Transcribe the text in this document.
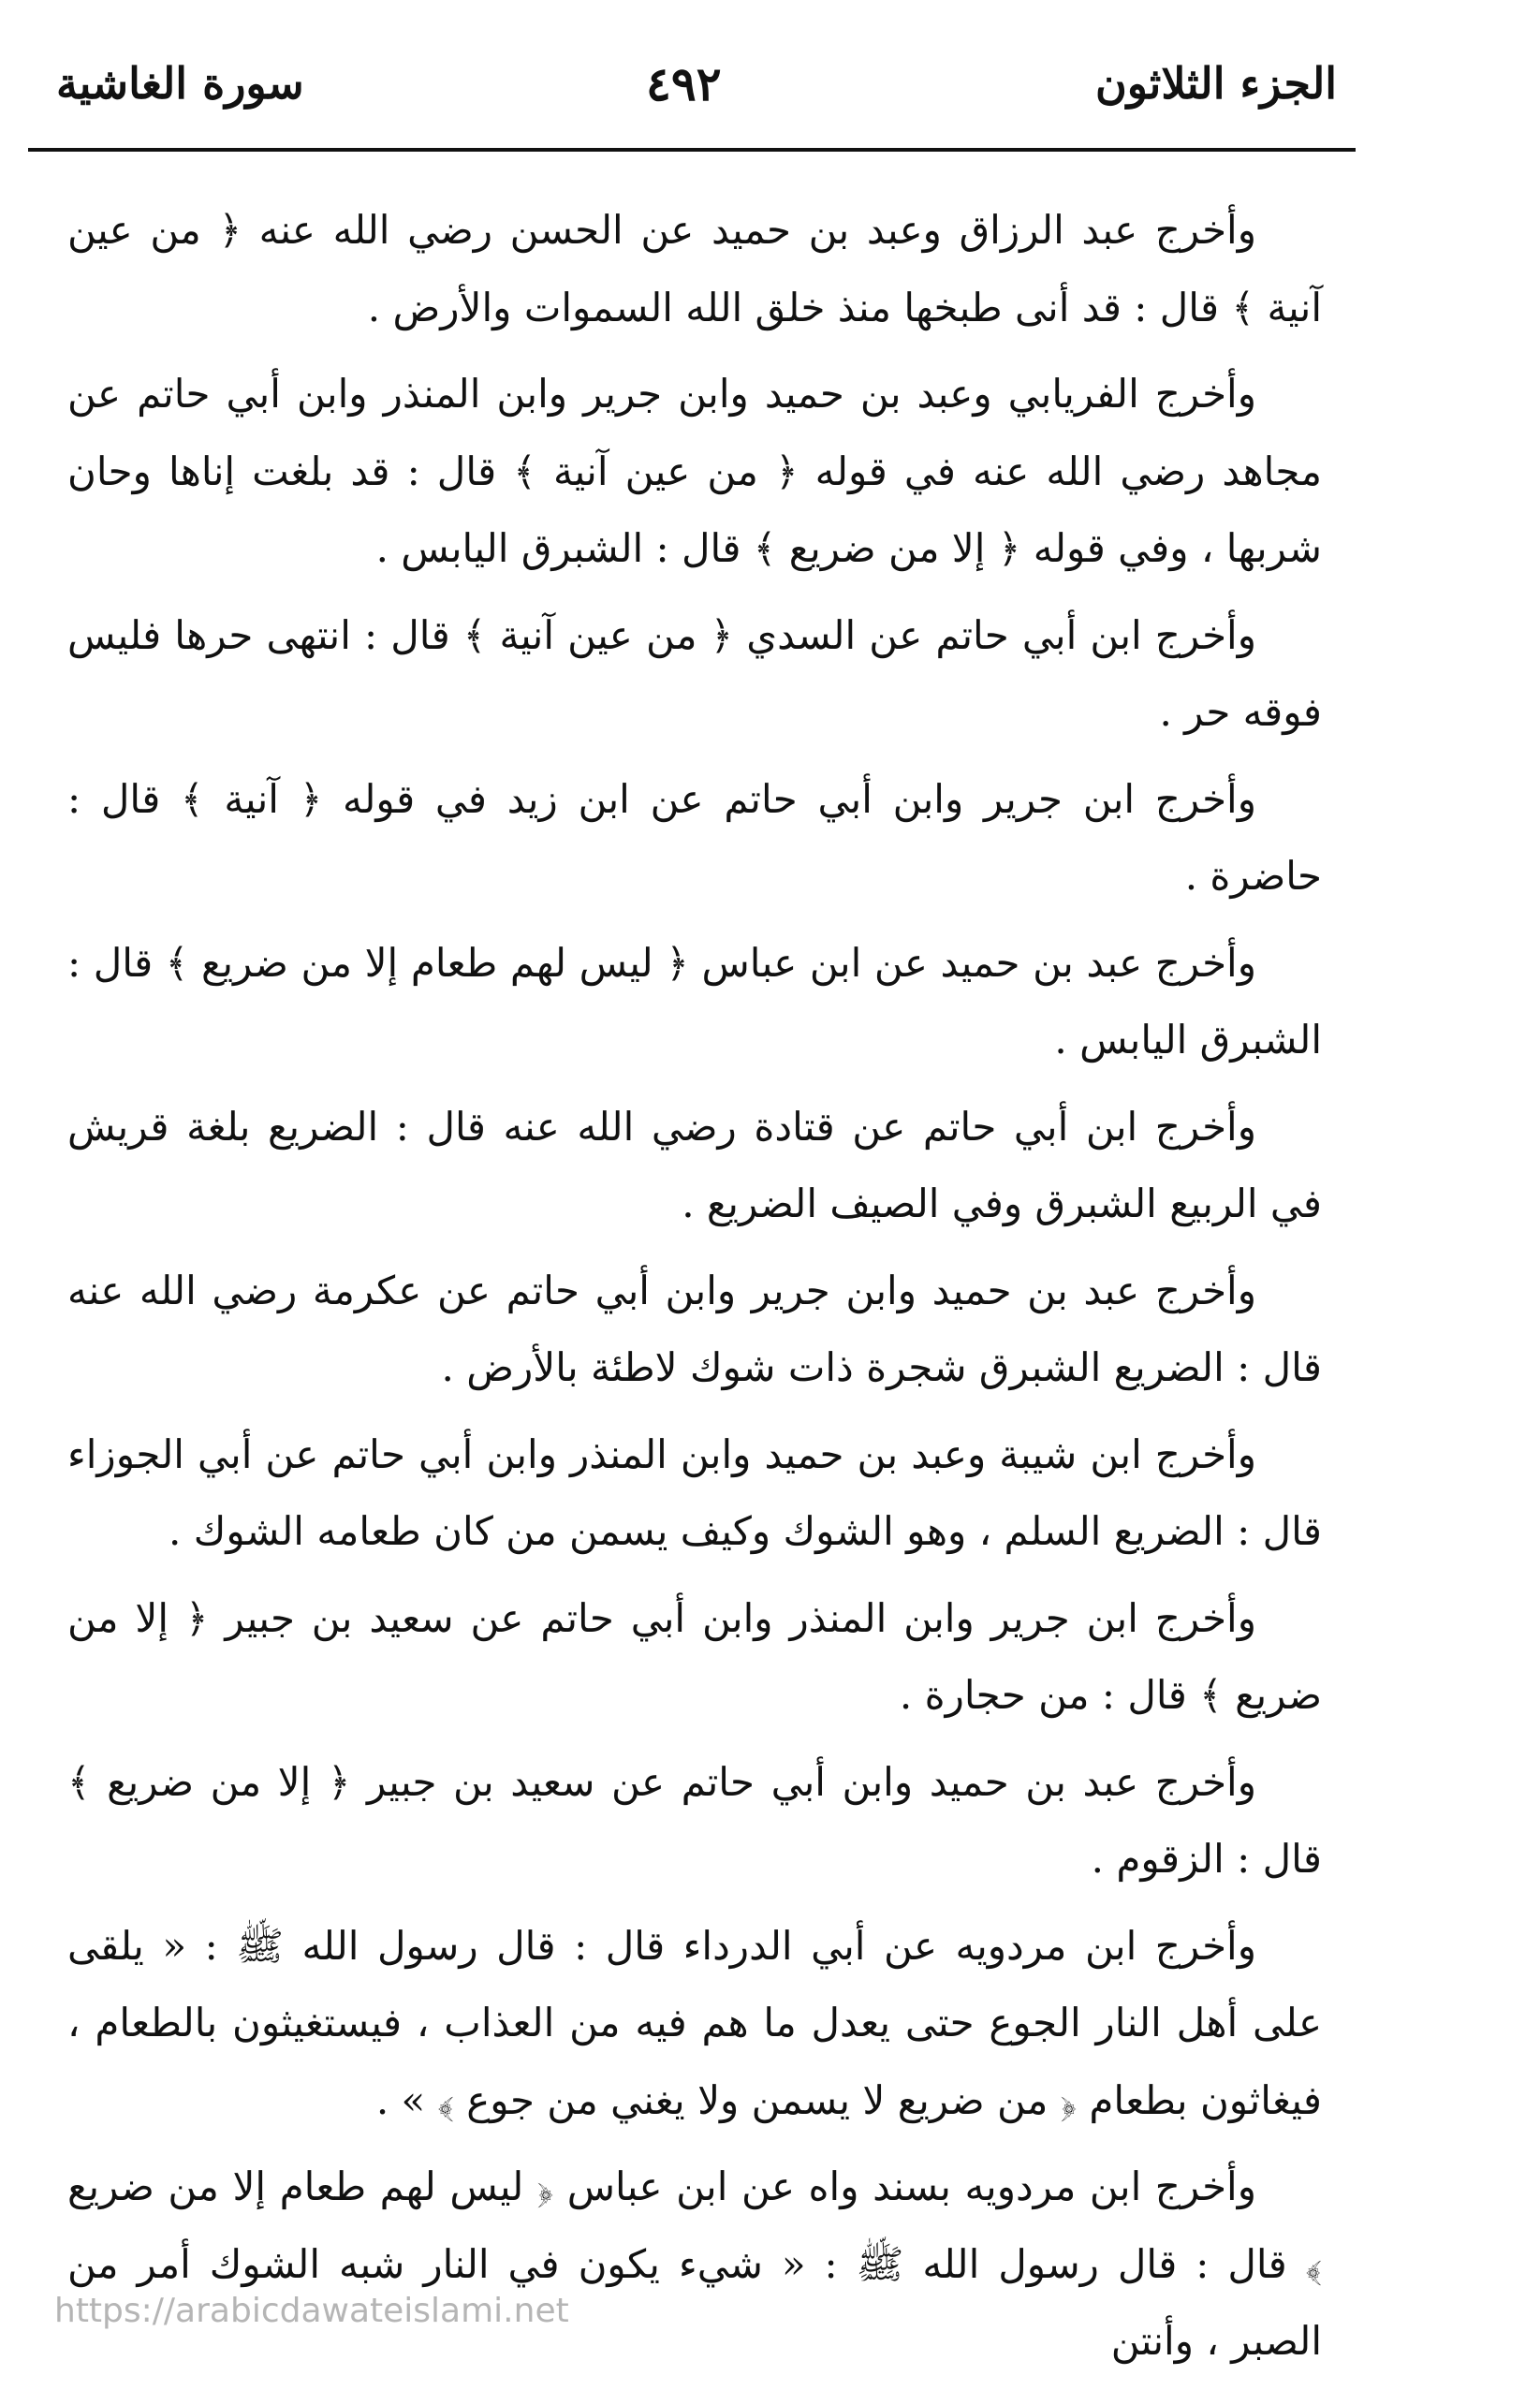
الجزء الثلاثون
٤٩٢
سورة الغاشية

وأخرج عبد الرزاق وعبد بن حميد عن الحسن رضي الله عنه ﴿ من عين آنية ﴾ قال : قد أنى طبخها منذ خلق الله السموات والأرض .

وأخرج الفريابي وعبد بن حميد وابن جرير وابن المنذر وابن أبي حاتم عن مجاهد رضي الله عنه في قوله ﴿ من عين آنية ﴾ قال : قد بلغت إناها وحان شربها ، وفي قوله ﴿ إلا من ضريع ﴾ قال : الشبرق اليابس .

وأخرج ابن أبي حاتم عن السدي ﴿ من عين آنية ﴾ قال : انتهى حرها فليس فوقه حر .

وأخرج ابن جرير وابن أبي حاتم عن ابن زيد في قوله ﴿ آنية ﴾ قال : حاضرة .

وأخرج عبد بن حميد عن ابن عباس ﴿ ليس لهم طعام إلا من ضريع ﴾ قال : الشبرق اليابس .

وأخرج ابن أبي حاتم عن قتادة رضي الله عنه قال : الضريع بلغة قريش في الربيع الشبرق وفي الصيف الضريع .

وأخرج عبد بن حميد وابن جرير وابن أبي حاتم عن عكرمة رضي الله عنه قال : الضريع الشبرق شجرة ذات شوك لاطئة بالأرض .

وأخرج ابن شيبة وعبد بن حميد وابن المنذر وابن أبي حاتم عن أبي الجوزاء قال : الضريع السلم ، وهو الشوك وكيف يسمن من كان طعامه الشوك .

وأخرج ابن جرير وابن المنذر وابن أبي حاتم عن سعيد بن جبير ﴿ إلا من ضريع ﴾ قال : من حجارة .

وأخرج عبد بن حميد وابن أبي حاتم عن سعيد بن جبير ﴿ إلا من ضريع ﴾ قال : الزقوم .

وأخرج ابن مردويه عن أبي الدرداء قال : قال رسول الله ﷺ : « يلقى على أهل النار الجوع حتى يعدل ما هم فيه من العذاب ، فيستغيثون بالطعام ، فيغاثون بطعام ﴿ من ضريع لا يسمن ولا يغني من جوع ﴾ » .

وأخرج ابن مردويه بسند واه عن ابن عباس ﴿ ليس لهم طعام إلا من ضريع ﴾ قال : قال رسول الله ﷺ : « شيء يكون في النار شبه الشوك أمر من الصبر ، وأنتن

https://arabicdawateislami.net
